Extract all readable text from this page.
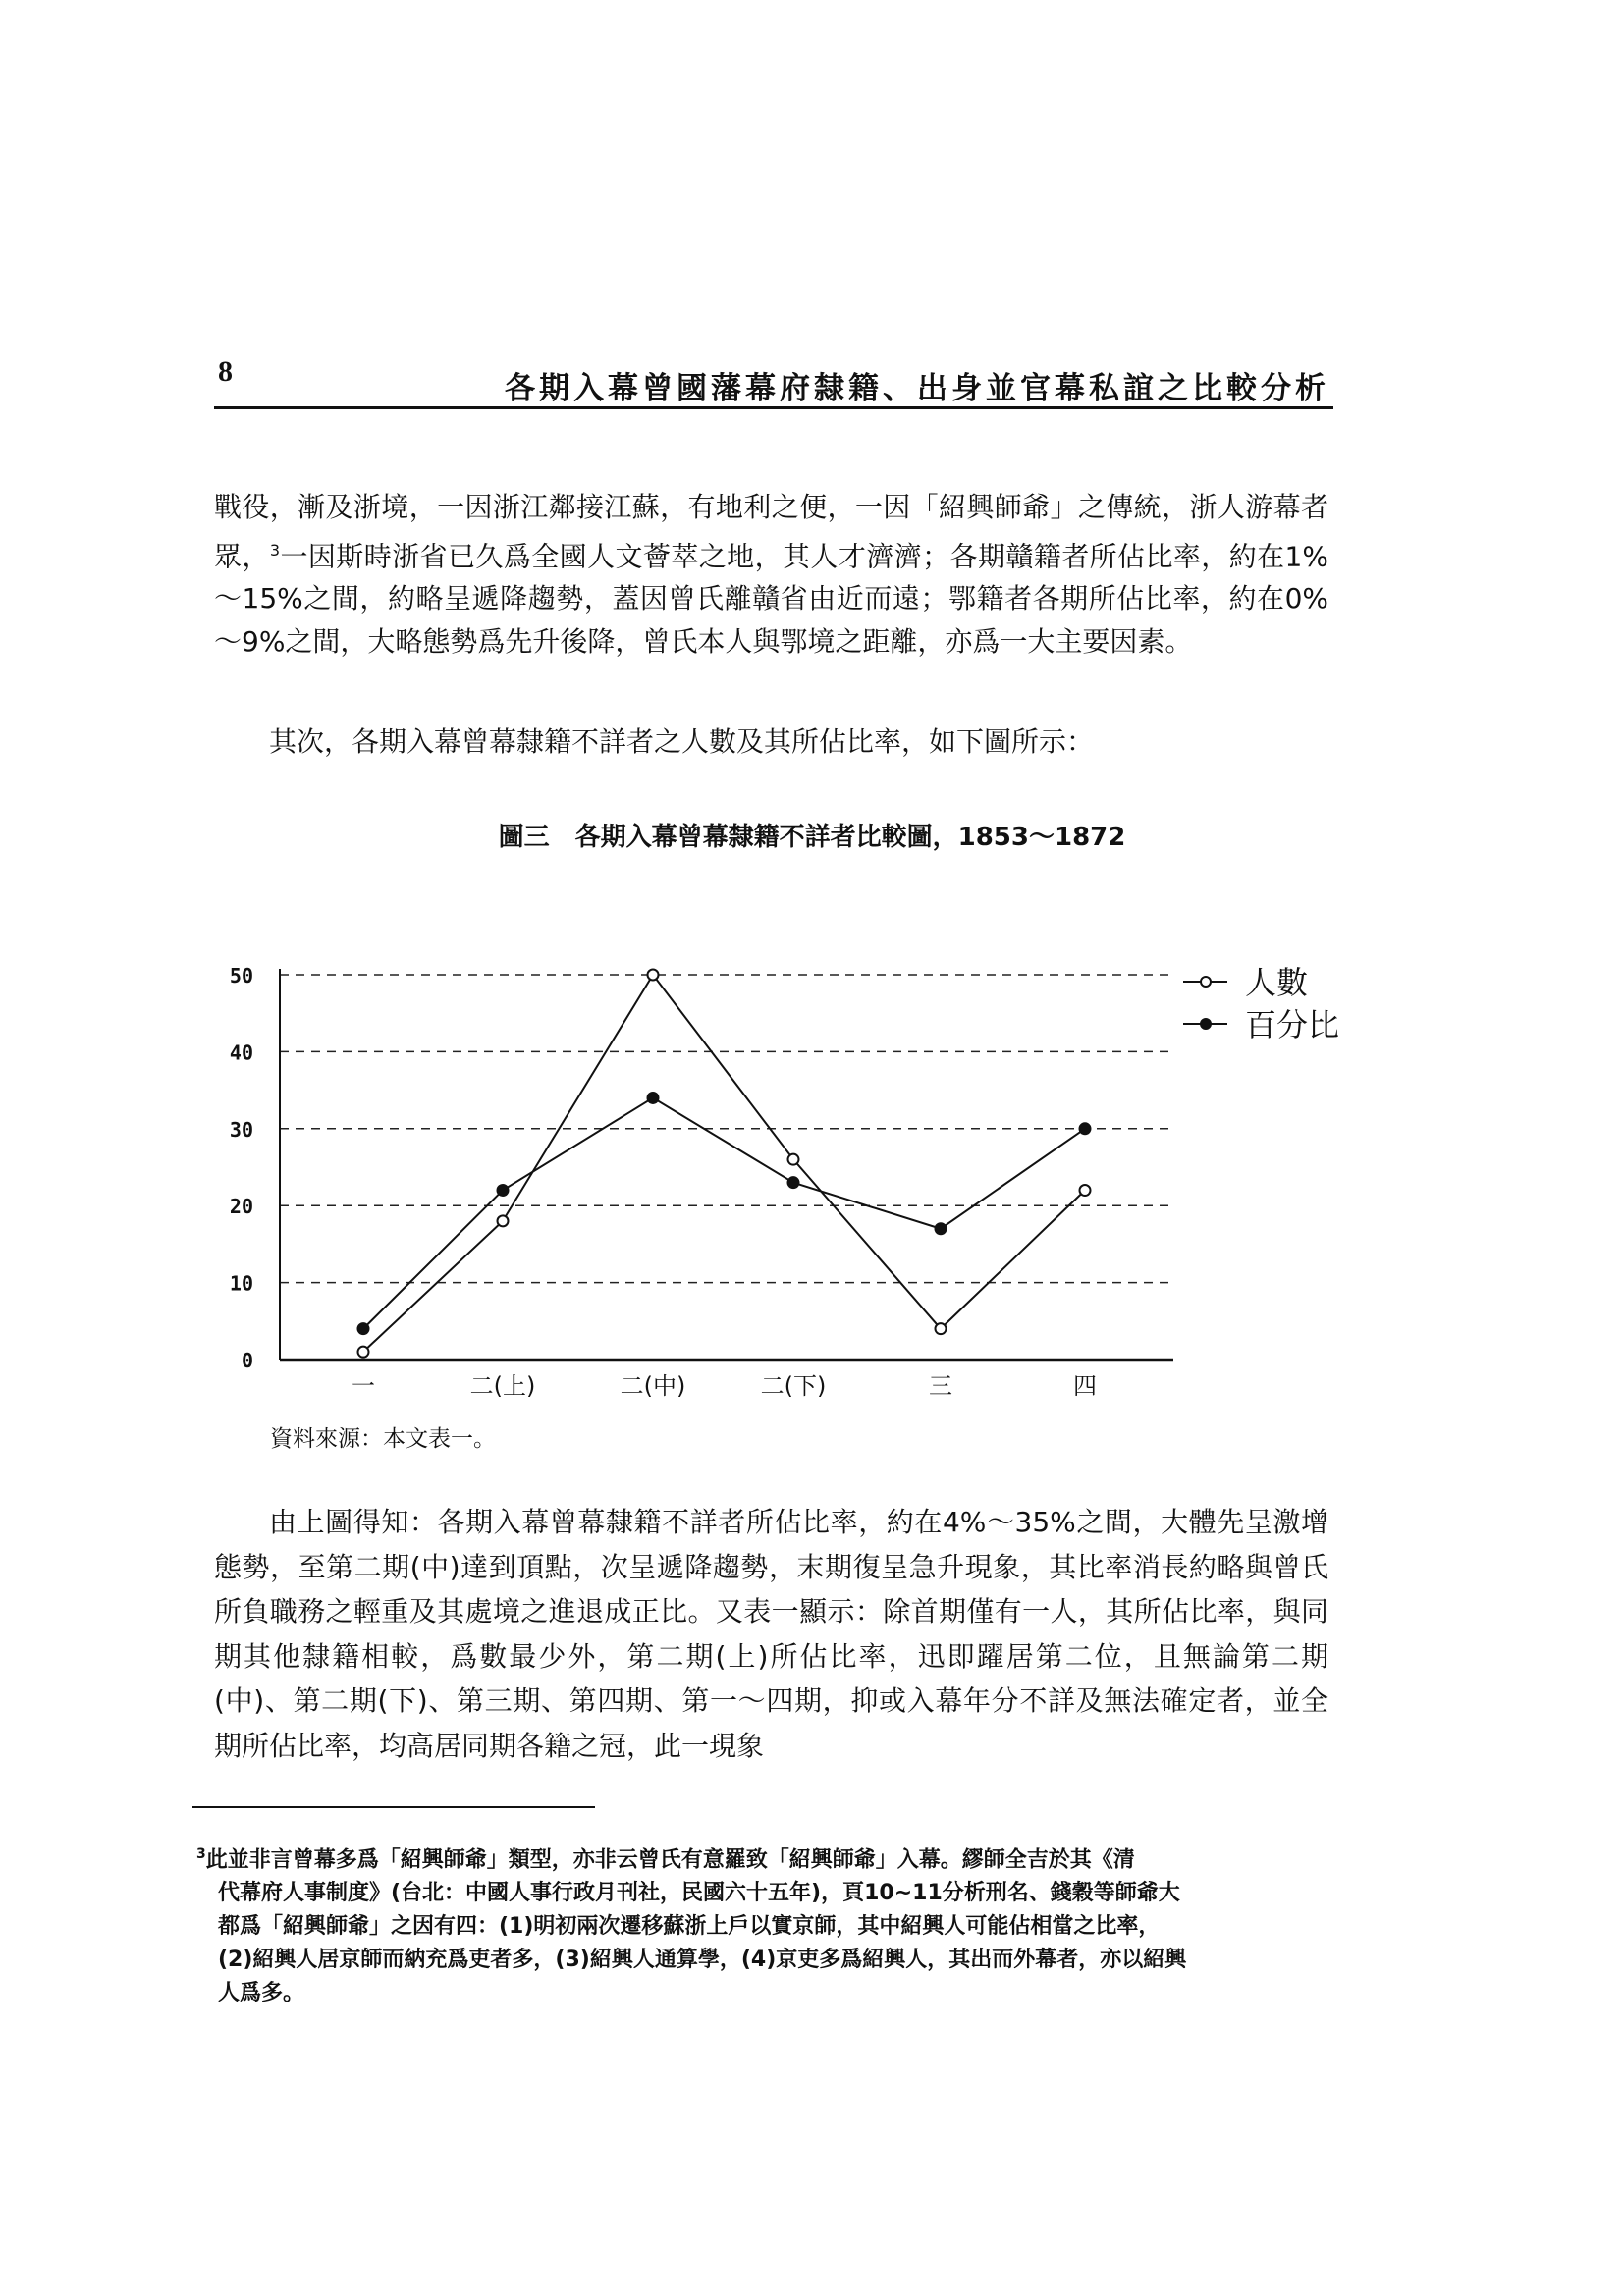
8	各期入幕曾國藩幕府隸籍、出身並官幕私誼之比較分析
戰役，漸及浙境，一因浙江鄰接江蘇，有地利之便，一因「紹興師爺」之傳統，浙人游幕者眾，$^3$一因斯時浙省已久爲全國人文薈萃之地，其人才濟濟；各期贛籍者所佔比率，約在1%～15%之間，約略呈遞降趨勢，蓋因曾氏離贛省由近而遠；鄂籍者各期所佔比率，約在0%～9%之間，大略態勢爲先升後降，曾氏本人與鄂境之距離，亦爲一大主要因素。
其次，各期入幕曾幕隸籍不詳者之人數及其所佔比率，如下圖所示：
圖三　各期入幕曾幕隸籍不詳者比較圖，1853～1872
0
10
20
30
40
50
一	二(上)	二(中)	二(下)	三	四
人數
百分比
資料來源：本文表一。
由上圖得知：各期入幕曾幕隸籍不詳者所佔比率，約在4%～35%之間，大體先呈激增態勢，至第二期(中)達到頂點，次呈遞降趨勢，末期復呈急升現象，其比率消長約略與曾氏所負職務之輕重及其處境之進退成正比。又表一顯示：除首期僅有一人，其所佔比率，與同期其他隸籍相較，爲數最少外，第二期(上)所佔比率，迅即躍居第二位，且無論第二期(中)、第二期(下)、第三期、第四期、第一～四期，抑或入幕年分不詳及無法確定者，並全期所佔比率，均高居同期各籍之冠，此一現象
$^3$此並非言曾幕多爲「紹興師爺」類型，亦非云曾氏有意羅致「紹興師爺」入幕。繆師全吉於其《清
代幕府人事制度》(台北：中國人事行政月刊社，民國六十五年)，頁10~11分析刑名、錢穀等師爺大
都爲「紹興師爺」之因有四：(1)明初兩次遷移蘇浙上戶以實京師，其中紹興人可能佔相當之比率，
(2)紹興人居京師而納充爲吏者多，(3)紹興人通算學，(4)京吏多爲紹興人，其出而外幕者，亦以紹興
人爲多。
